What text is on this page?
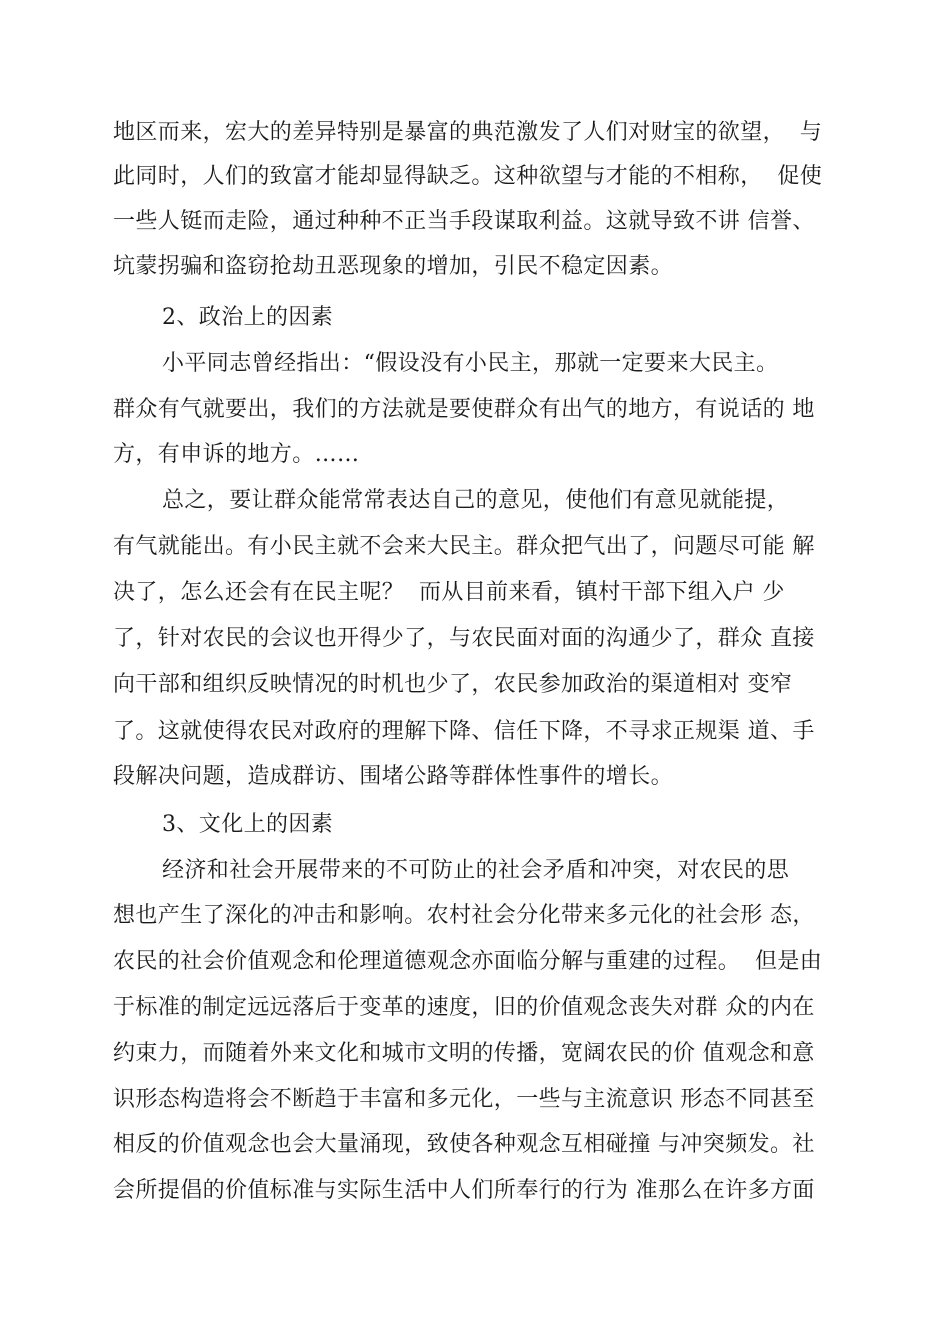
地区而来，宏大的差异特别是暴富的典范激发了人们对财宝的欲望，  与
此同时，人们的致富才能却显得缺乏。这种欲望与才能的不相称，  促使
一些人铤而走险，通过种种不正当手段谋取利益。这就导致不讲 信誉、
坑蒙拐骗和盗窃抢劫丑恶现象的增加，引民不稳定因素。
2、政治上的因素
小平同志曾经指出：“假设没有小民主，那就一定要来大民主。
群众有气就要出，我们的方法就是要使群众有出气的地方，有说话的 地
方，有申诉的地方。……
总之，要让群众能常常表达自己的意见，使他们有意见就能提，
有气就能出。有小民主就不会来大民主。群众把气出了，问题尽可能 解
决了，怎么还会有在民主呢？  而从目前来看，镇村干部下组入户 少
了，针对农民的会议也开得少了，与农民面对面的沟通少了，群众 直接
向干部和组织反映情况的时机也少了，农民参加政治的渠道相对 变窄
了。这就使得农民对政府的理解下降、信任下降，不寻求正规渠 道、手
段解决问题，造成群访、围堵公路等群体性事件的增长。
3、文化上的因素
经济和社会开展带来的不可防止的社会矛盾和冲突，对农民的思
想也产生了深化的冲击和影响。农村社会分化带来多元化的社会形 态，
农民的社会价值观念和伦理道德观念亦面临分解与重建的过程。  但是由
于标准的制定远远落后于变革的速度，旧的价值观念丧失对群 众的内在
约束力，而随着外来文化和城市文明的传播，宽阔农民的价 值观念和意
识形态构造将会不断趋于丰富和多元化，一些与主流意识 形态不同甚至
相反的价值观念也会大量涌现，致使各种观念互相碰撞 与冲突频发。社
会所提倡的价值标准与实际生活中人们所奉行的行为 准那么在许多方面
